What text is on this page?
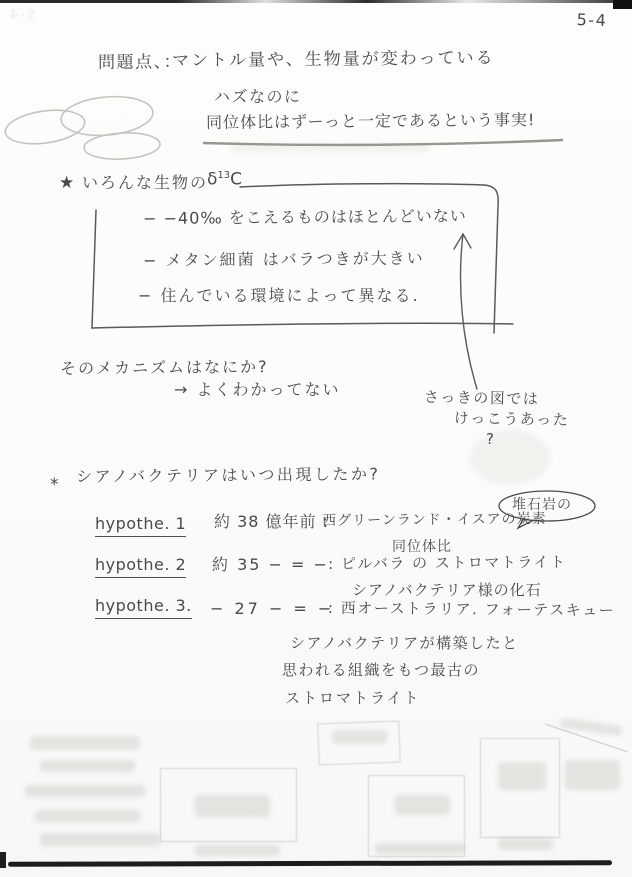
5-4	5-4
問題点、：
マントル量や、生物量が変わっている
ハズなのに
同位体比はずーっと一定であるという事実!
★ いろんな生物の
$\delta^{13}C$
− −40‰ をこえるものはほとんどいない
− メタン細菌 はバラつきが大きい
− 住んでいる環境によって異なる.
そのメカニズムはなにか?
→ よくわかってない	さっきの図では
けっこうあった
?
* シアノバクテリアはいつ出現したか?
堆石岩の
hypothe. 1 約 38 億年前 :
西グリーンランド・イスアの炭素
同位体比
hypothe. 2 約 35 − = − : ピルバラ の ストロマトライト
シアノバクテリア様の化石
hypothe. 3. − 27 − = −
: 西オーストラリア. フォーテスキュー
シアノバクテリアが構築したと
思われる組織をもつ最古の
ストロマトライト
